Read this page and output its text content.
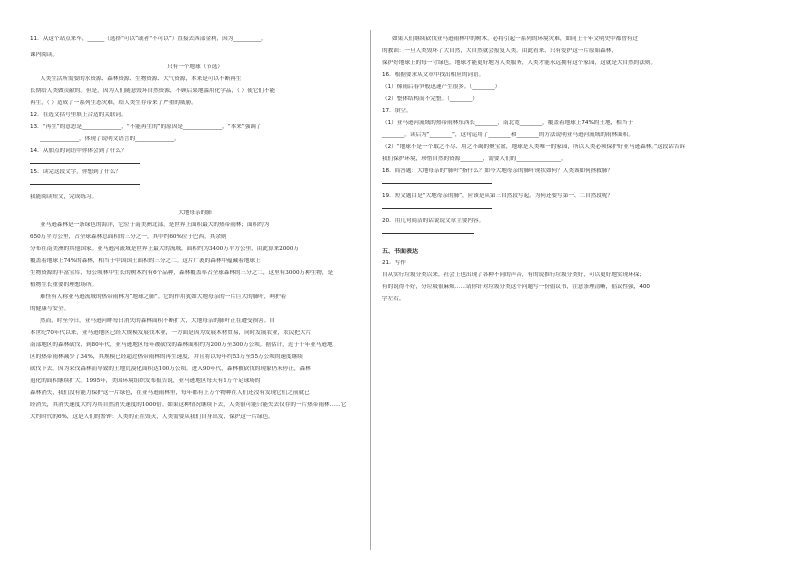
11．从这个站点来车，______（选择“可以”或者“不可以”）直接去西部金利，因为__________。
课内阅读。
只有一个地球（节选）
人类生活所需要的水资源、森林资源、生物资源、大气资源，本来是可以不断再生
长期给人类做贡献的。但是，因为人们随意毁坏自然资源，不顾后果地滥用化学品，（ ）使它们不能
再生，（ ）造成了一系列生态灾难，给人类生存带来了严重的威胁。
12．在选文括号里填上合适的关联词。
13．“再生”的意思是______________，“不能再生的”的原因是______________，“本来”强调了
______________，体现了说明文语言的______________。
14．从加点的词语中你体会到了什么？
15．读完这段文字，你想到了什么？
我能阅读短文，完成练习。
大地母亲的肺
亚马逊森林是一条绿色的海洋，它位于南美洲北部，是世界上面积最大的热带雨林；面积约为
650万平方公里，占全球森林总面积的三分之一，其中约60%位于巴西，其余则
分布在南美洲的其他国家。亚马逊河流域是世界上最大的流域，面积约为3400万平方公里，由此算来2000万
覆盖着地球上74%的森林，相当于中国国土面积的三分之二。这片广袤的森林中蕴藏着地球上
生物资源的丰富宝库，每公顷林中生长的树木约有6个品种，森林覆盖率占全球森林的三分之二，这里有3000万种生物，是
植物生长重要的理想场所。
难怪有人称亚马逊流域的热带雨林为“地球之肺”。它的作用犹如大地母亲的一片巨大的肺叶，呵护着
的健康与安全。
然而，时至今日，亚马逊河畔每日消失的森林面积不断扩大，大地母亲的肺叶正在遭受损害。自
本世纪70年代以来，亚马逊地区已经大规模发展伐木业，一方面是因为发展木材贸易，同时发展农业，农民把大片
南部地区的森林砍伐，到80年代，亚马逊地区每年被砍伐的森林面积约为200万至300万公顷。据估计，近于十年亚马逊地
区的热带雨林减少了34%，其规模已经超过热带雨林的再生速度，并且将以每年约53万至55万公顷的速度继续
砍伐下去。因为采伐森林而导致的土地荒漠化面积达100万公顷。进入90年代，森林被砍伐的现象仍未停止，森林
退化的面积继续扩大。1995年，美国环境组织发布报告说，亚马逊地区每天有1万个足球场的
森林消失，我们没有能力保护这一片绿色，在亚马逊雨林里，每年都有上万个物种在人们还没有发现它们之前就已
经消失，其消失速度大约为其自然消失速度的1000倍。如果这种情况继续下去，人类很可能只能失去仅存的一片热带雨林……它
大约时代的6%，这是人们的警钟：人类的正在毁灭，人类需要从我们自身出发，保护这一片绿色。
如果人们继续砍伐亚马逊雨林中的树木，必将引起一系列的环境灾难，如同上千年文明史中都曾有过
的教训：一旦人类毁坏了大自然，大自然就会报复人类。由此看来，只有爱护这一片原始森林，
保护好地球上的每一寸绿色，地球才能更好地为人类服务，人类才能永远拥有这个家园，这就是大自然的法则。
16．根据要求从文章中找出相应的词语。
（1）像雨后春笋般迅速产生很多。（________）
（2）整体结构而不完整。（________）
17．填空。
（1）亚马逊河流域的热带雨林东西长________，南北宽________，覆盖着地球上74%的土地，相当于
________。读后为“________”，这句运用了________和________的方法说明亚马逊河流域的雨林面积。
（2）“地球不是一个取之不尽、用之不竭的聚宝盆，地球是人类唯一的家园，所以人类必须保护好亚马逊森林。”这段话告诉
我们保护环境，珍惜自然的资源________，需要人们的________________。
18．简答题：大地母亲的“肺叶”指什么？如今大地母亲的肺叶现状如何？人类该如何拯救肺？
19．短文题目是“大地母亲的肺”，应该是从第三自然段写起，为何还要写第一、二自然段呢？
20．用几句简洁的话说说文章主要内容。
五、书面表达
21．写作
自从实行垃圾分类以来，社会上也出现了各种不同的声音，有的说推行垃圾分类好，可以更好地实现环保；
有的说得不好，分垃圾很麻烦……请你针对垃圾分类这个问题写一份倡议书，注意条理清晰，倡议性强，400
字左右。
